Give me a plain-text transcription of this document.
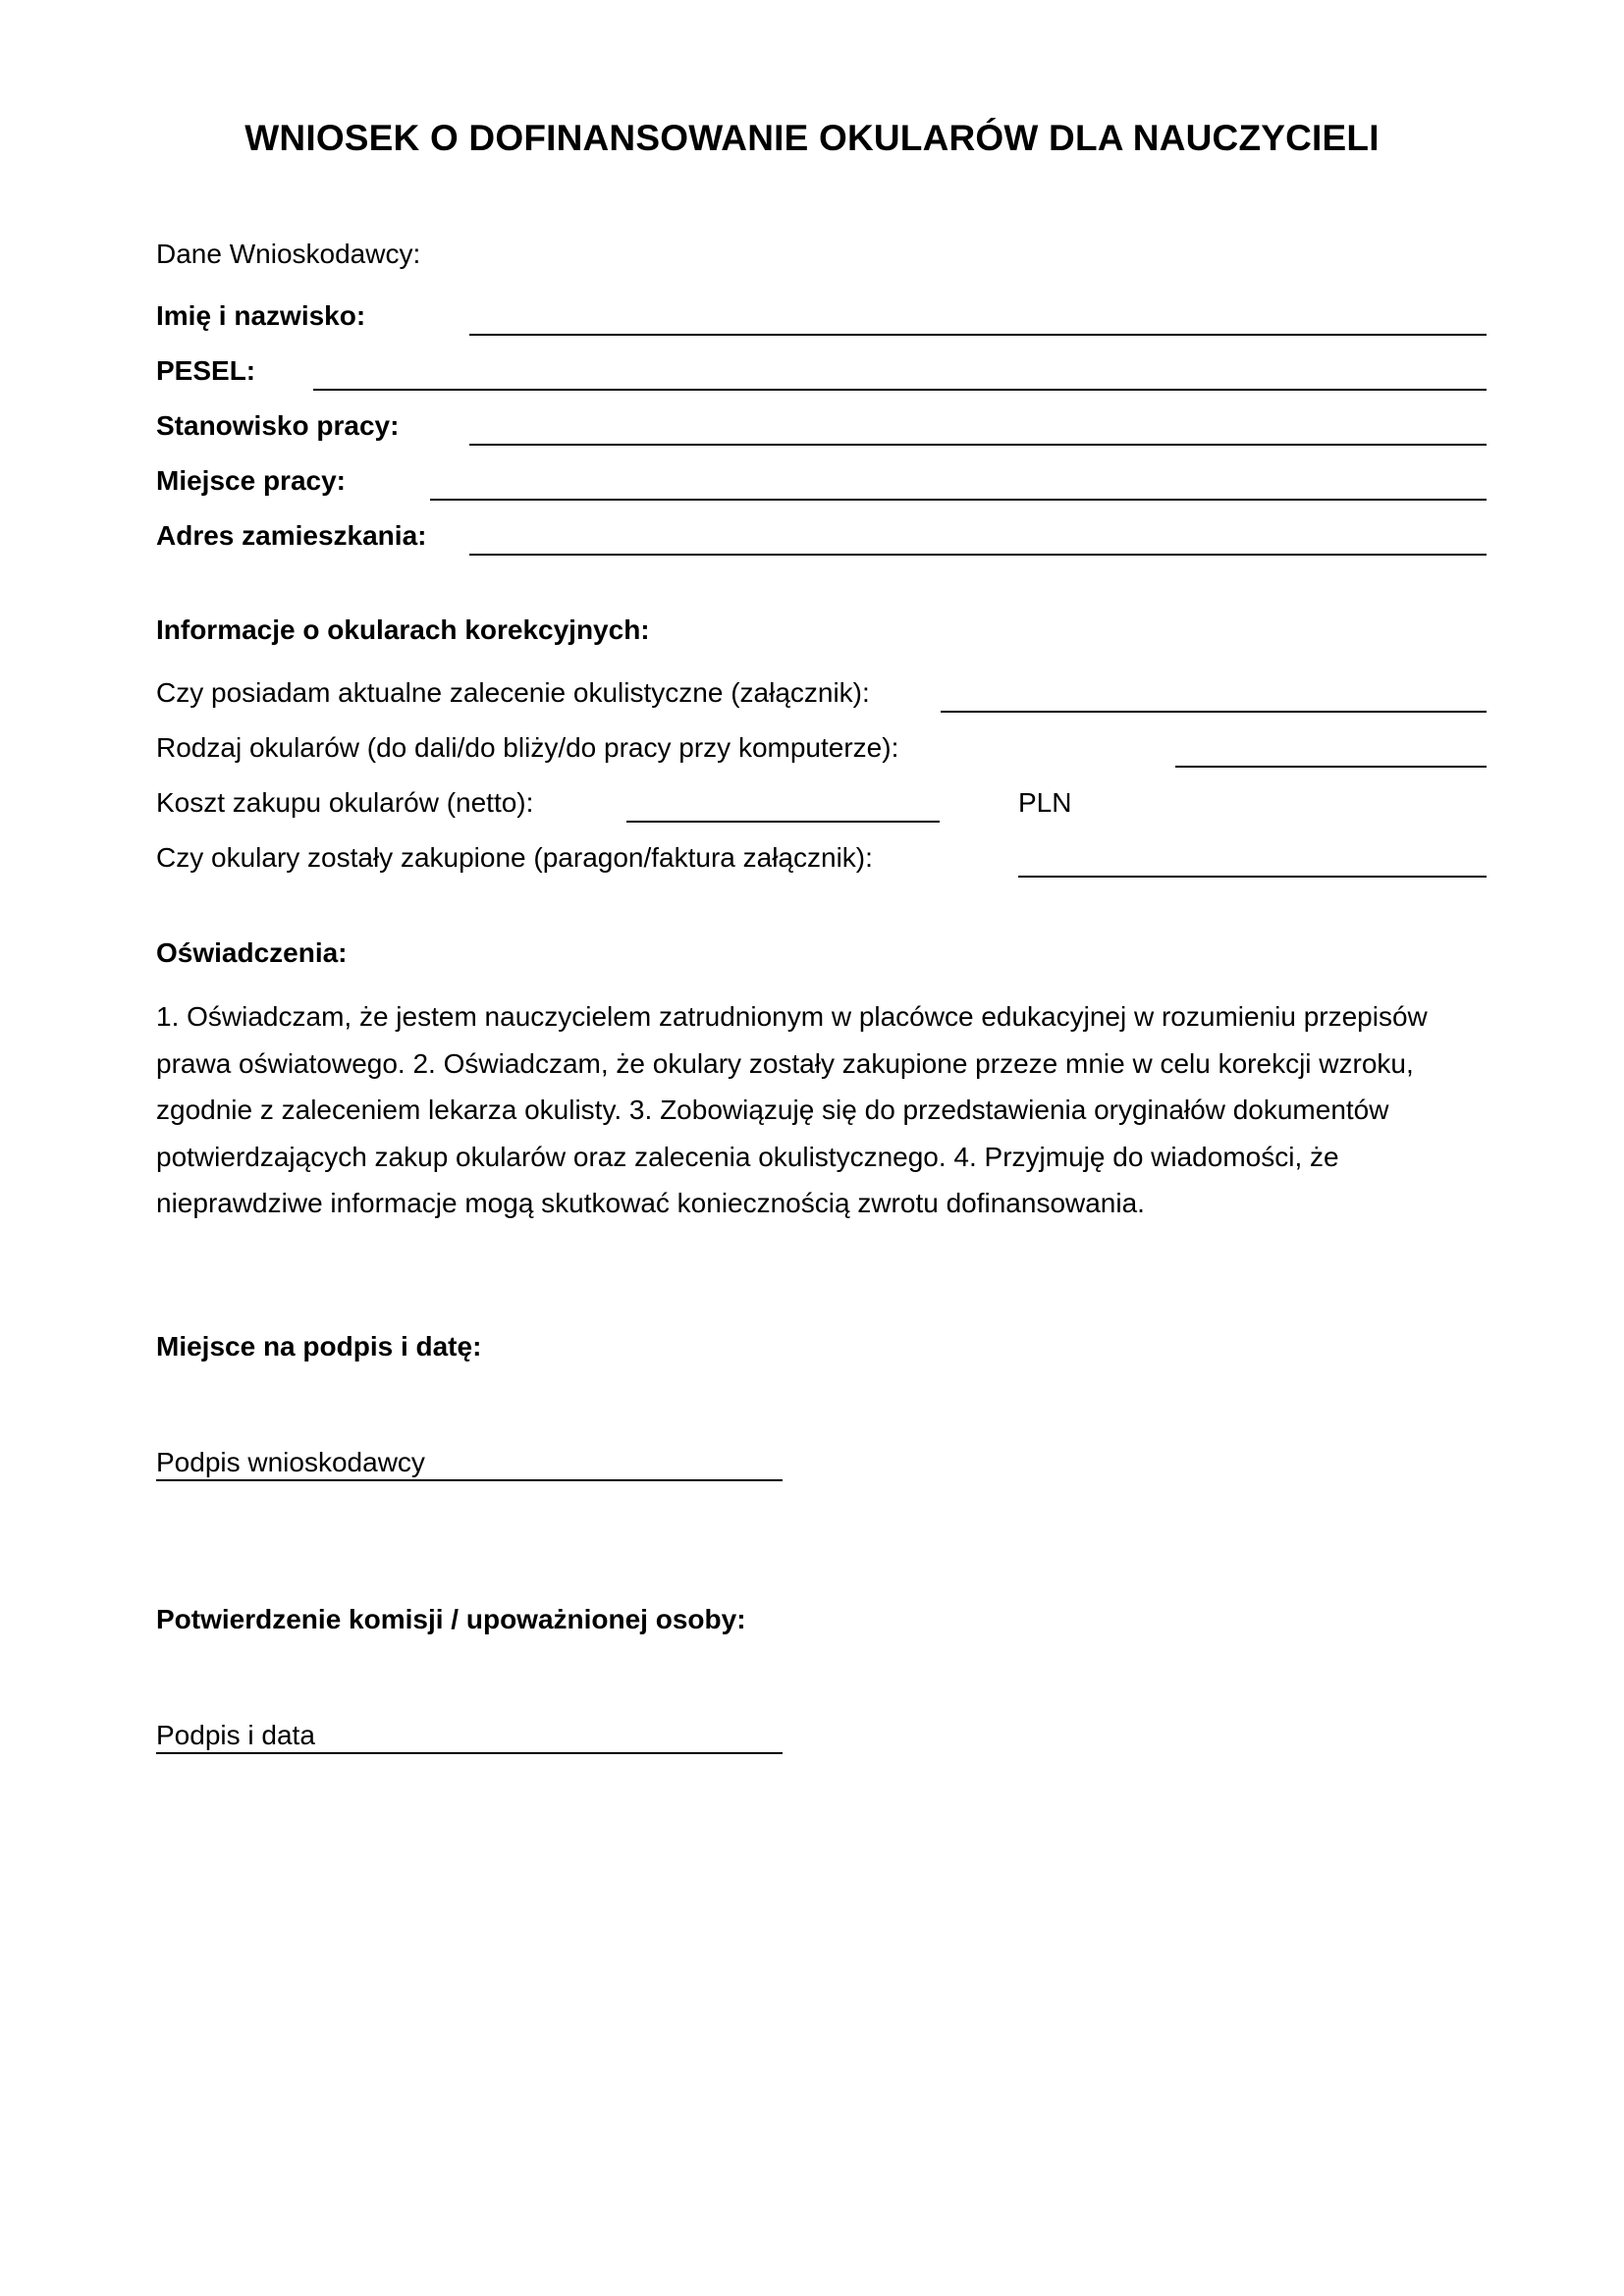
WNIOSEK O DOFINANSOWANIE OKULARÓW DLA NAUCZYCIELI
Dane Wnioskodawcy:
Imię i nazwisko:
PESEL:
Stanowisko pracy:
Miejsce pracy:
Adres zamieszkania:
Informacje o okularach korekcyjnych:
Czy posiadam aktualne zalecenie okulistyczne (załącznik):
Rodzaj okularów (do dali/do bliży/do pracy przy komputerze):
Koszt zakupu okularów (netto):	PLN
Czy okulary zostały zakupione (paragon/faktura załącznik):
Oświadczenia:
1. Oświadczam, że jestem nauczycielem zatrudnionym w placówce edukacyjnej w rozumieniu przepisów prawa oświatowego. 2. Oświadczam, że okulary zostały zakupione przeze mnie w celu korekcji wzroku, zgodnie z zaleceniem lekarza okulisty. 3. Zobowiązuję się do przedstawienia oryginałów dokumentów potwierdzających zakup okularów oraz zalecenia okulistycznego. 4. Przyjmuję do wiadomości, że nieprawdziwe informacje mogą skutkować koniecznością zwrotu dofinansowania.
Miejsce na podpis i datę:
Podpis wnioskodawcy
Potwierdzenie komisji / upoważnionej osoby:
Podpis i data
